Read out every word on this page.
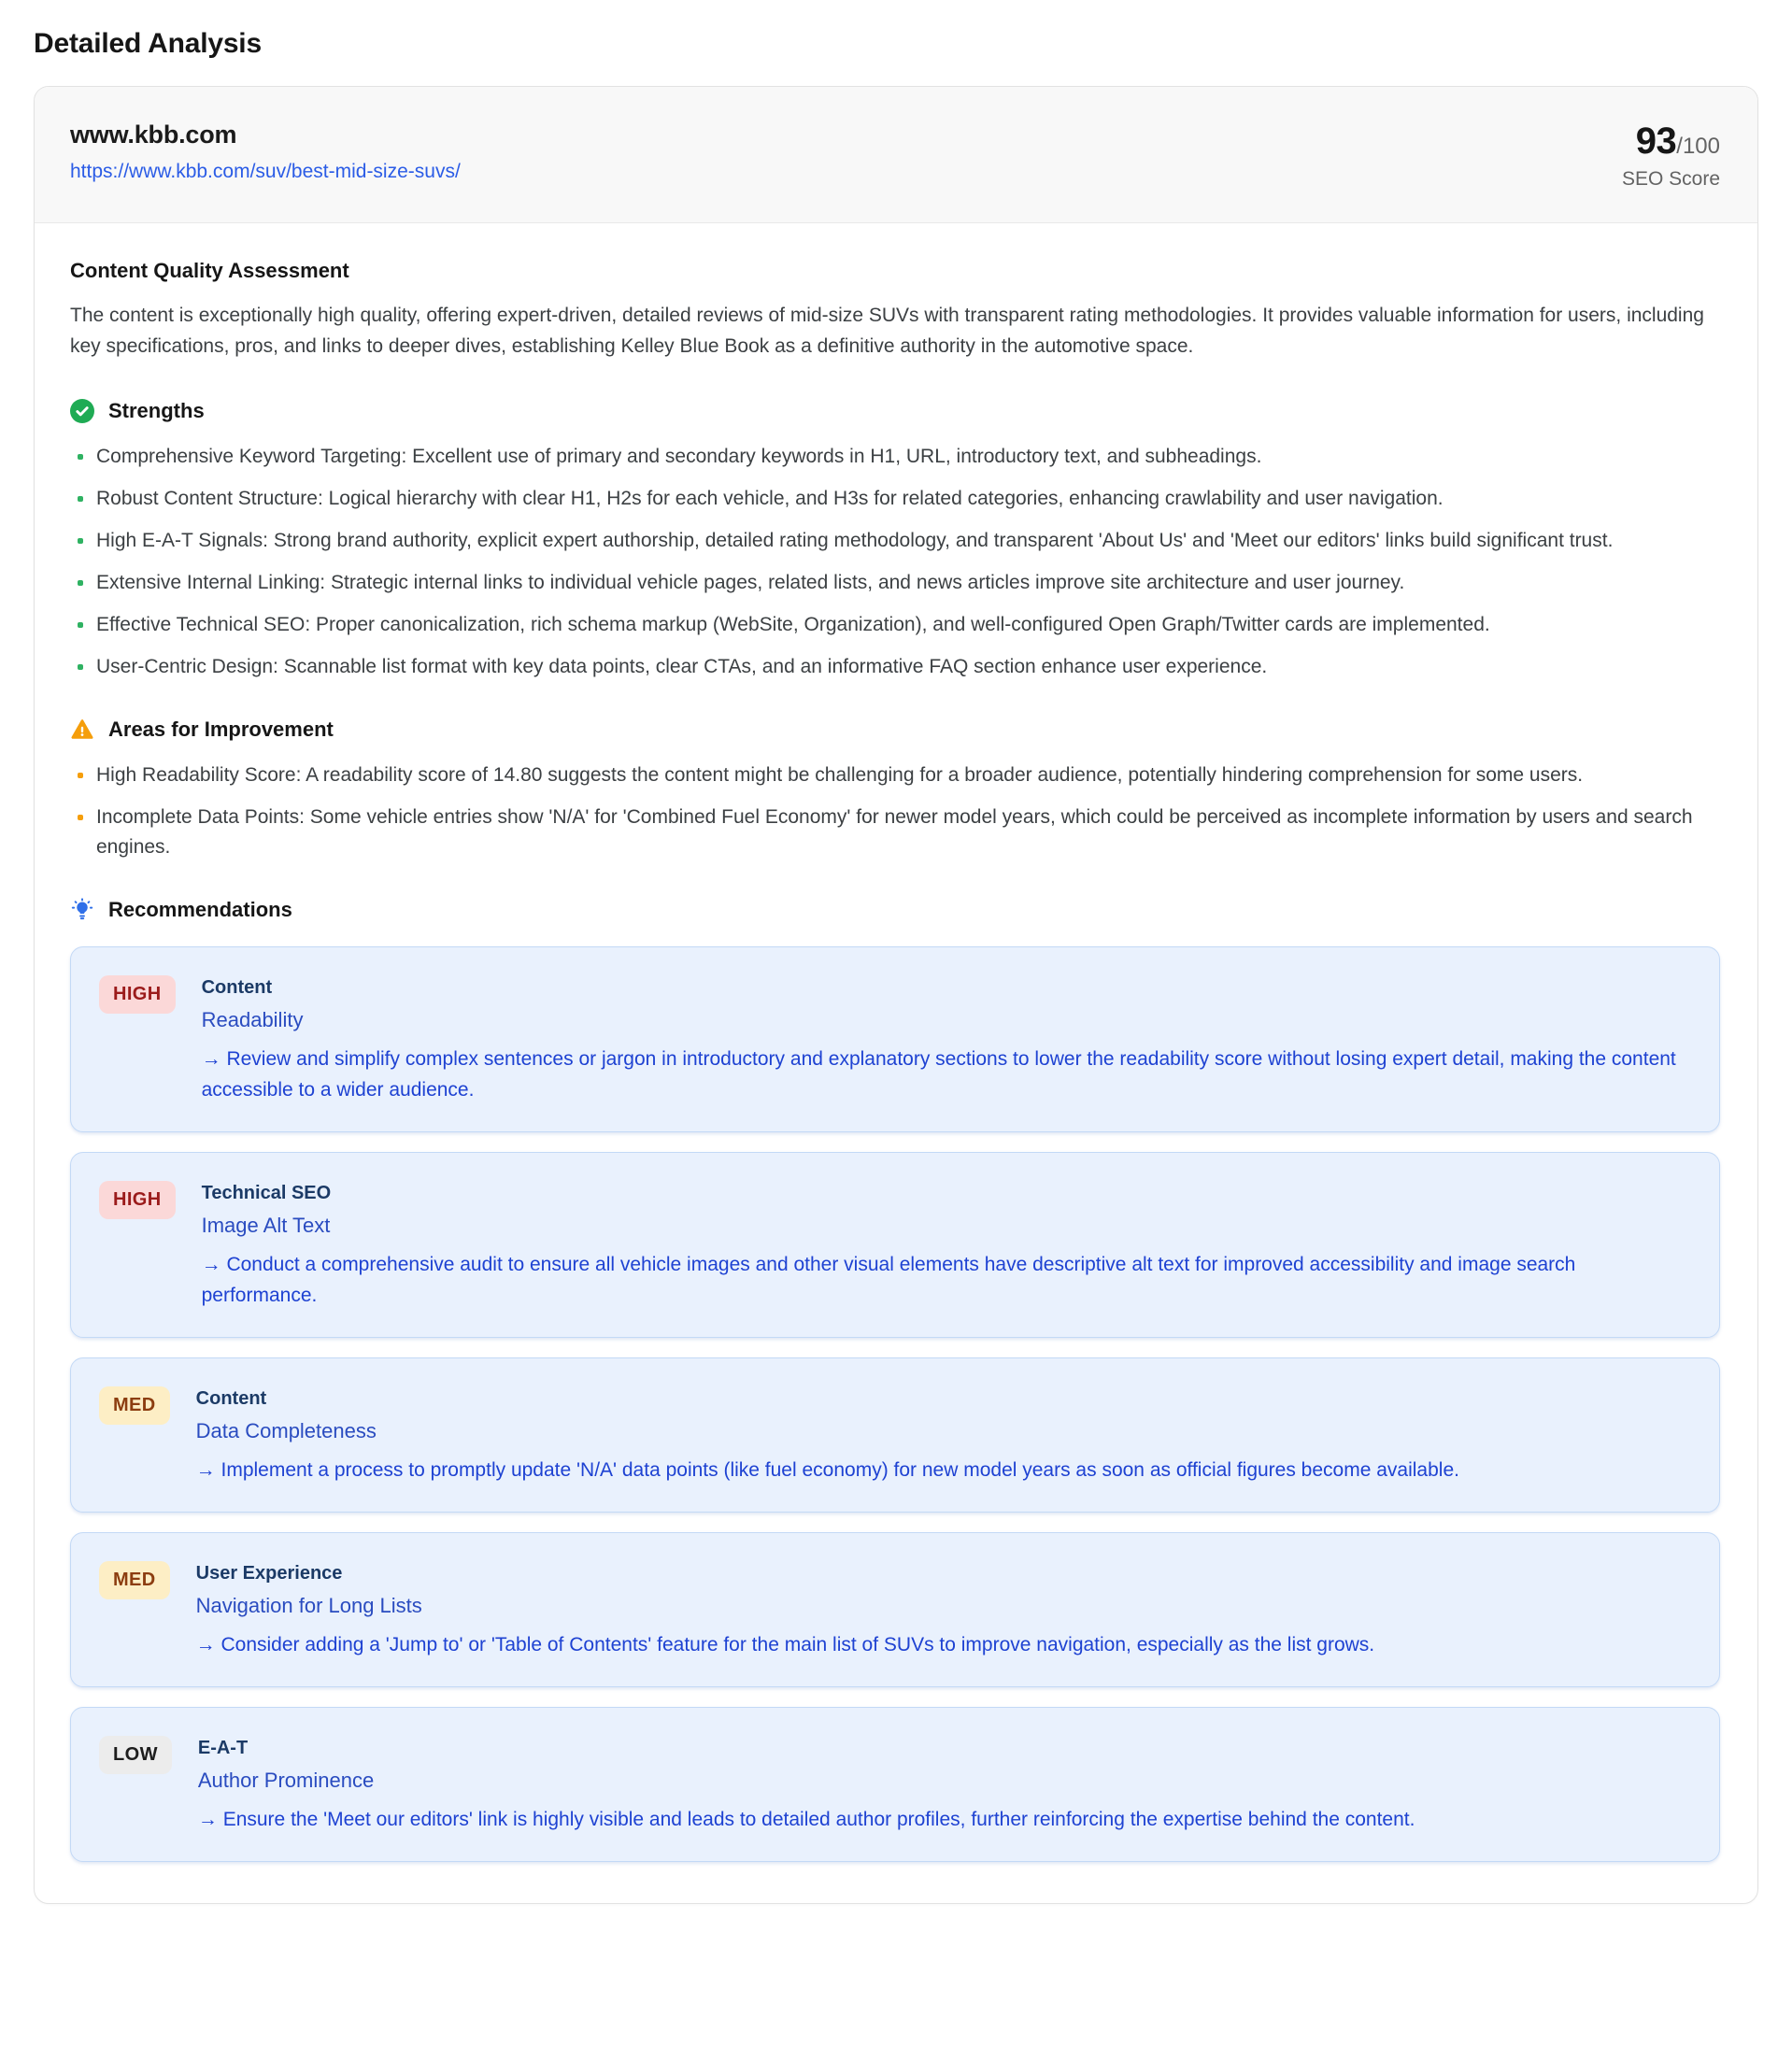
Detailed Analysis
www.kbb.com
https://www.kbb.com/suv/best-mid-size-suvs/
93/100
SEO Score
Content Quality Assessment

The content is exceptionally high quality, offering expert-driven, detailed reviews of mid-size SUVs with transparent rating methodologies. It provides valuable information for users, including key specifications, pros, and links to deeper dives, establishing Kelley Blue Book as a definitive authority in the automotive space.

Strengths
Comprehensive Keyword Targeting: Excellent use of primary and secondary keywords in H1, URL, introductory text, and subheadings.
Robust Content Structure: Logical hierarchy with clear H1, H2s for each vehicle, and H3s for related categories, enhancing crawlability and user navigation.
High E-A-T Signals: Strong brand authority, explicit expert authorship, detailed rating methodology, and transparent 'About Us' and 'Meet our editors' links build significant trust.
Extensive Internal Linking: Strategic internal links to individual vehicle pages, related lists, and news articles improve site architecture and user journey.
Effective Technical SEO: Proper canonicalization, rich schema markup (WebSite, Organization), and well-configured Open Graph/Twitter cards are implemented.
User-Centric Design: Scannable list format with key data points, clear CTAs, and an informative FAQ section enhance user experience.
Areas for Improvement
High Readability Score: A readability score of 14.80 suggests the content might be challenging for a broader audience, potentially hindering comprehension for some users.
Incomplete Data Points: Some vehicle entries show 'N/A' for 'Combined Fuel Economy' for newer model years, which could be perceived as incomplete information by users and search engines.
Recommendations
HIGH	Content
Readability
→ Review and simplify complex sentences or jargon in introductory and explanatory sections to lower the readability score without losing expert detail, making the content accessible to a wider audience.
HIGH	Technical SEO
Image Alt Text
→ Conduct a comprehensive audit to ensure all vehicle images and other visual elements have descriptive alt text for improved accessibility and image search performance.
MED	Content
Data Completeness
→ Implement a process to promptly update 'N/A' data points (like fuel economy) for new model years as soon as official figures become available.
MED	User Experience
Navigation for Long Lists
→ Consider adding a 'Jump to' or 'Table of Contents' feature for the main list of SUVs to improve navigation, especially as the list grows.
LOW	E-A-T
Author Prominence
→ Ensure the 'Meet our editors' link is highly visible and leads to detailed author profiles, further reinforcing the expertise behind the content.
